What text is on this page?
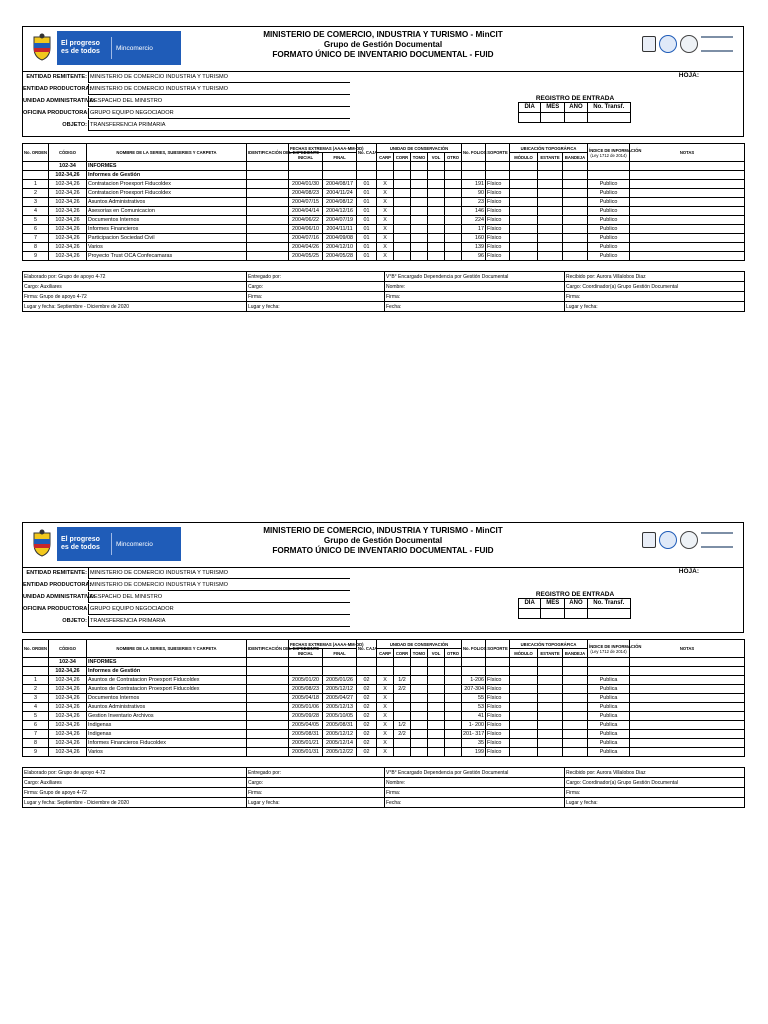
El progreso es de todos	Mincomercio
MINISTERIO DE COMERCIO, INDUSTRIA Y TURISMO - MinCIT
Grupo de Gestión Documental
FORMATO ÚNICO DE INVENTARIO DOCUMENTAL - FUID
HOJA:
ENTIDAD REMITENTE: MINISTERIO DE COMERCIO INDUSTRIA Y TURISMO
ENTIDAD PRODUCTORA:
MINISTERIO DE COMERCIO INDUSTRIA Y TURISMO
UNIDAD ADMINISTRATIVA:
DESPACHO DEL MINISTRO
OFICINA PRODUCTORA: GRUPO EQUIPO NEGOCIADOR
OBJETO: TRANSFERENCIA PRIMARIA
REGISTRO DE ENTRADA
DÍA	MES	AÑO	No. Transf.
No. ORDEN	CÓDIGO	NOMBRE DE LA SERIES, SUBSERIES Y CARPETA	IDENTIFICACIÓN DEL EXPEDIENTE	FECHAS EXTREMAS (AAAA-MM-DD)		No. CAJA	UNIDAD DE CONSERVACIÓN					No. FOLIOS	SOPORTE	UBICACIÓN TOPOGRÁFICA			ÍNDICE DE INFORMACIÓN
(Ley 1712 de 2014)	NOTAS
				INICIAL	FINAL		CARP	CORR	TOMO	VOL	OTRO			MÓDULO	ESTANTE	BANDEJA		
	102-34	INFORMES																
	102-34,26	Informes de Gestión																
1	102-34,26	Contratacion Proexport Fiducoldex		2004/01/30	2004/08/17	01	X					191	Físico				Publico	
2	102-34,26	Contratacion Proexport Fiducoldex		2004/08/23	2004/11/24	01	X					90	Físico				Publico	
3	102-34,26	Asuntos Administrativos		2004/07/15	2004/08/12	01	X					23	Físico				Publico	
4	102-34,26	Asesorias en Comunicacion		2004/04/14	2004/12/16	01	X					146	Físico				Publico	
5	102-34,26	Documentos Internos		2004/06/22	2004/07/19	01	X					224	Físico				Publico	
6	102-34,26	Informes Financieros		2004/06/10	2004/11/11	01	X					17	Físico				Publico	
7	102-34,26	Participacion Sociedad Civil		2004/07/16	2004/09/08	01	X					160	Físico				Publico	
8	102-34,26	Varios		2004/04/26	2004/12/10	01	X					139	Físico				Publico	
9	102-34,26	Proyecto Trust OCA Confecamaras		2004/05/25	2004/05/28	01	X					96	Físico				Publico	
Elaborado por: Grupo de apoyo 4-72	Entregado por:	V°B° Encargado Dependencia por Gestión Documental	Recibido por: Aurora Villalobos Diaz
Cargo: Auxiliares	Cargo:	Nombre:	Cargo: Coordinador(a) Grupo Gestión Documental
Firma: Grupo de apoyo 4-72	Firma:	Firma:	Firma:
Lugar y fecha: Septiembre - Diciembre de 2020	Lugar y fecha:	Fecha:	Lugar y fecha:
El progreso es de todos	Mincomercio
MINISTERIO DE COMERCIO, INDUSTRIA Y TURISMO - MinCIT
Grupo de Gestión Documental
FORMATO ÚNICO DE INVENTARIO DOCUMENTAL - FUID
HOJA:
ENTIDAD REMITENTE: MINISTERIO DE COMERCIO INDUSTRIA Y TURISMO
ENTIDAD PRODUCTORA:
MINISTERIO DE COMERCIO INDUSTRIA Y TURISMO
UNIDAD ADMINISTRATIVA:
DESPACHO DEL MINISTRO
OFICINA PRODUCTORA: GRUPO EQUIPO NEGOCIADOR
OBJETO: TRANSFERENCIA PRIMARIA
REGISTRO DE ENTRADA
DÍA	MES	AÑO	No. Transf.
No. ORDEN	CÓDIGO	NOMBRE DE LA SERIES, SUBSERIES Y CARPETA	IDENTIFICACIÓN DEL EXPEDIENTE	FECHAS EXTREMAS (AAAA-MM-DD)		No. CAJA	UNIDAD DE CONSERVACIÓN					No. FOLIOS	SOPORTE	UBICACIÓN TOPOGRÁFICA			ÍNDICE DE INFORMACIÓN
(Ley 1712 de 2014)	NOTAS
				INICIAL	FINAL		CARP	CORR	TOMO	VOL	OTRO			MÓDULO	ESTANTE	BANDEJA		
	102-34	INFORMES																
	102-34,26	Informes de Gestión																
1	102-34,26	Asuntos de Contratacion Proexport Fiducoldex		2005/01/20	2005/01/26	02	X	1/2				1-206	Físico				Publica	
2	102-34,26	Asuntos de Contratacion Proexport Fiducoldex		2005/08/23	2005/12/12	02	X	2/2				207-304	Físico				Publica	
3	102-34,26	Documentos Internos		2005/04/18	2005/04/27	02	X					55	Físico				Publica	
4	102-34,26	Asuntos Administrativos		2005/01/06	2005/12/13	02	X					53	Físico				Publica	
5	102-34,26	Gestion Inventario Archivos		2005/09/28	2005/10/05	02	X					41	Físico				Publica	
6	102-34,26	Indigenas		2005/04/05	2005/08/31	02	X	1/2				1- 200	Físico				Publica	
7	102-34,26	Indigenas		2005/08/31	2005/12/12	02	X	2/2				201- 317	Físico				Publica	
8	102-34,26	Informes Financieros Fiducoldex		2005/01/21	2005/12/14	02	X					35	Físico				Publica	
9	102-34,26	Varios		2005/01/31	2005/12/22	02	X					199	Físico				Publica	
Elaborado por: Grupo de apoyo 4-72	Entregado por:	V°B° Encargado Dependencia por Gestión Documental	Recibido por: Aurora Villalobos Diaz
Cargo: Auxiliares	Cargo:	Nombre:	Cargo: Coordinador(a) Grupo Gestión Documental
Firma: Grupo de apoyo 4-72	Firma:	Firma:	Firma:
Lugar y fecha: Septiembre - Diciembre de 2020	Lugar y fecha:	Fecha:	Lugar y fecha:
